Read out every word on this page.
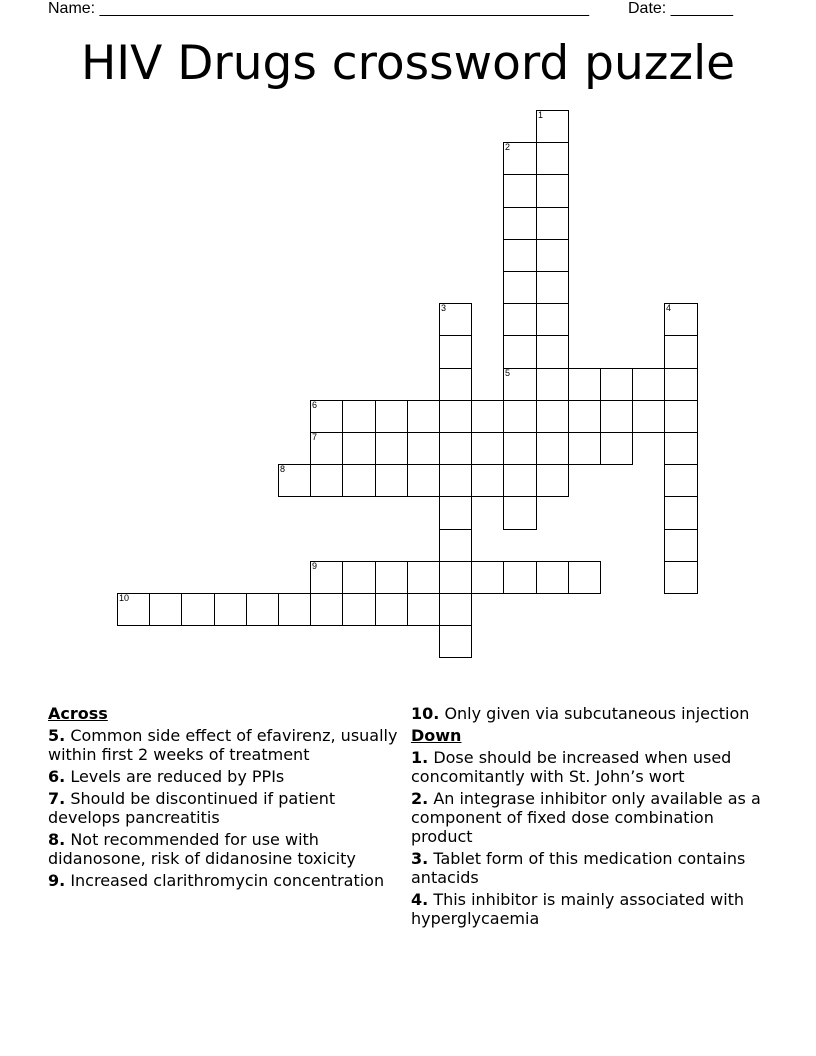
Name: _______________________________________________________ Date: _______
HIV Drugs crossword puzzle
1
2
5
3	4
6
7
8
9
10
Across
5. Common side effect of efavirenz, usually within first 2 weeks of treatment
6. Levels are reduced by PPIs
7. Should be discontinued if patient develops pancreatitis
8. Not recommended for use with didanosone, risk of didanosine toxicity
9. Increased clarithromycin concentration
10. Only given via subcutaneous injection
Down
1. Dose should be increased when used concomitantly with St. John’s wort
2. An integrase inhibitor only available as a component of fixed dose combination product
3. Tablet form of this medication contains antacids
4. This inhibitor is mainly associated with hyperglycaemia
